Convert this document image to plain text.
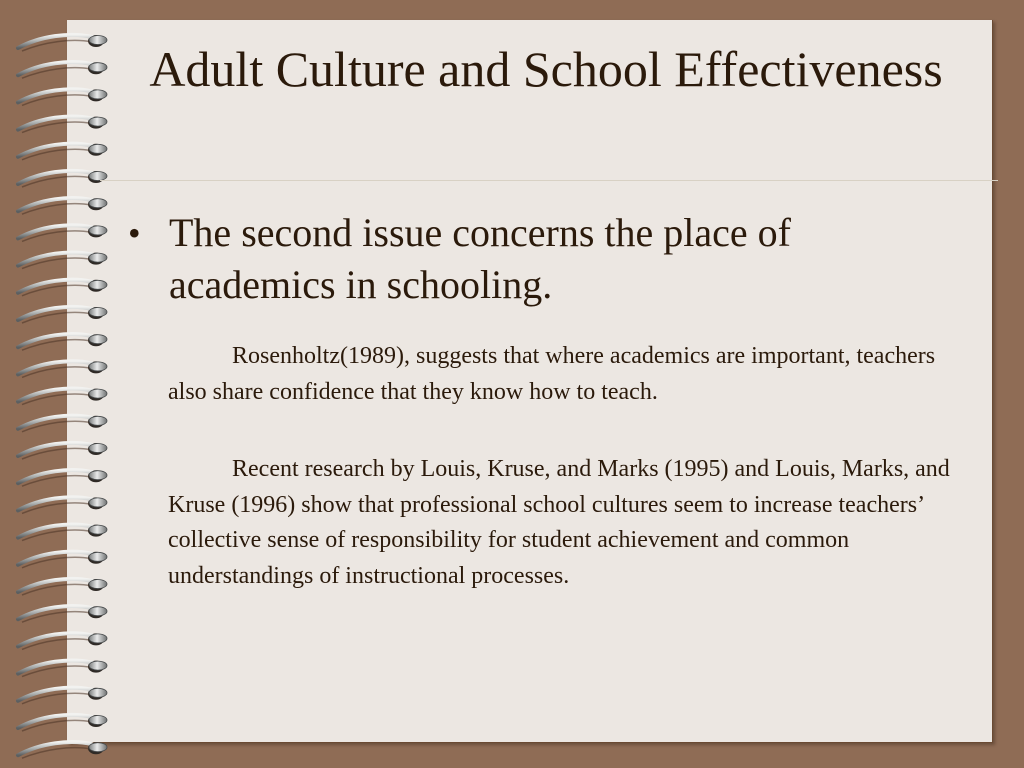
Adult Culture and School Effectiveness
• The second issue concerns the place of academics in schooling.

Rosenholtz(1989), suggests that where academics are important, teachers also share confidence that they know how to teach.

Recent research by Louis, Kruse, and Marks (1995) and Louis, Marks, and Kruse (1996) show that professional school cultures seem to increase teachers’ collective sense of responsibility for student achievement and common understandings of instructional processes.
